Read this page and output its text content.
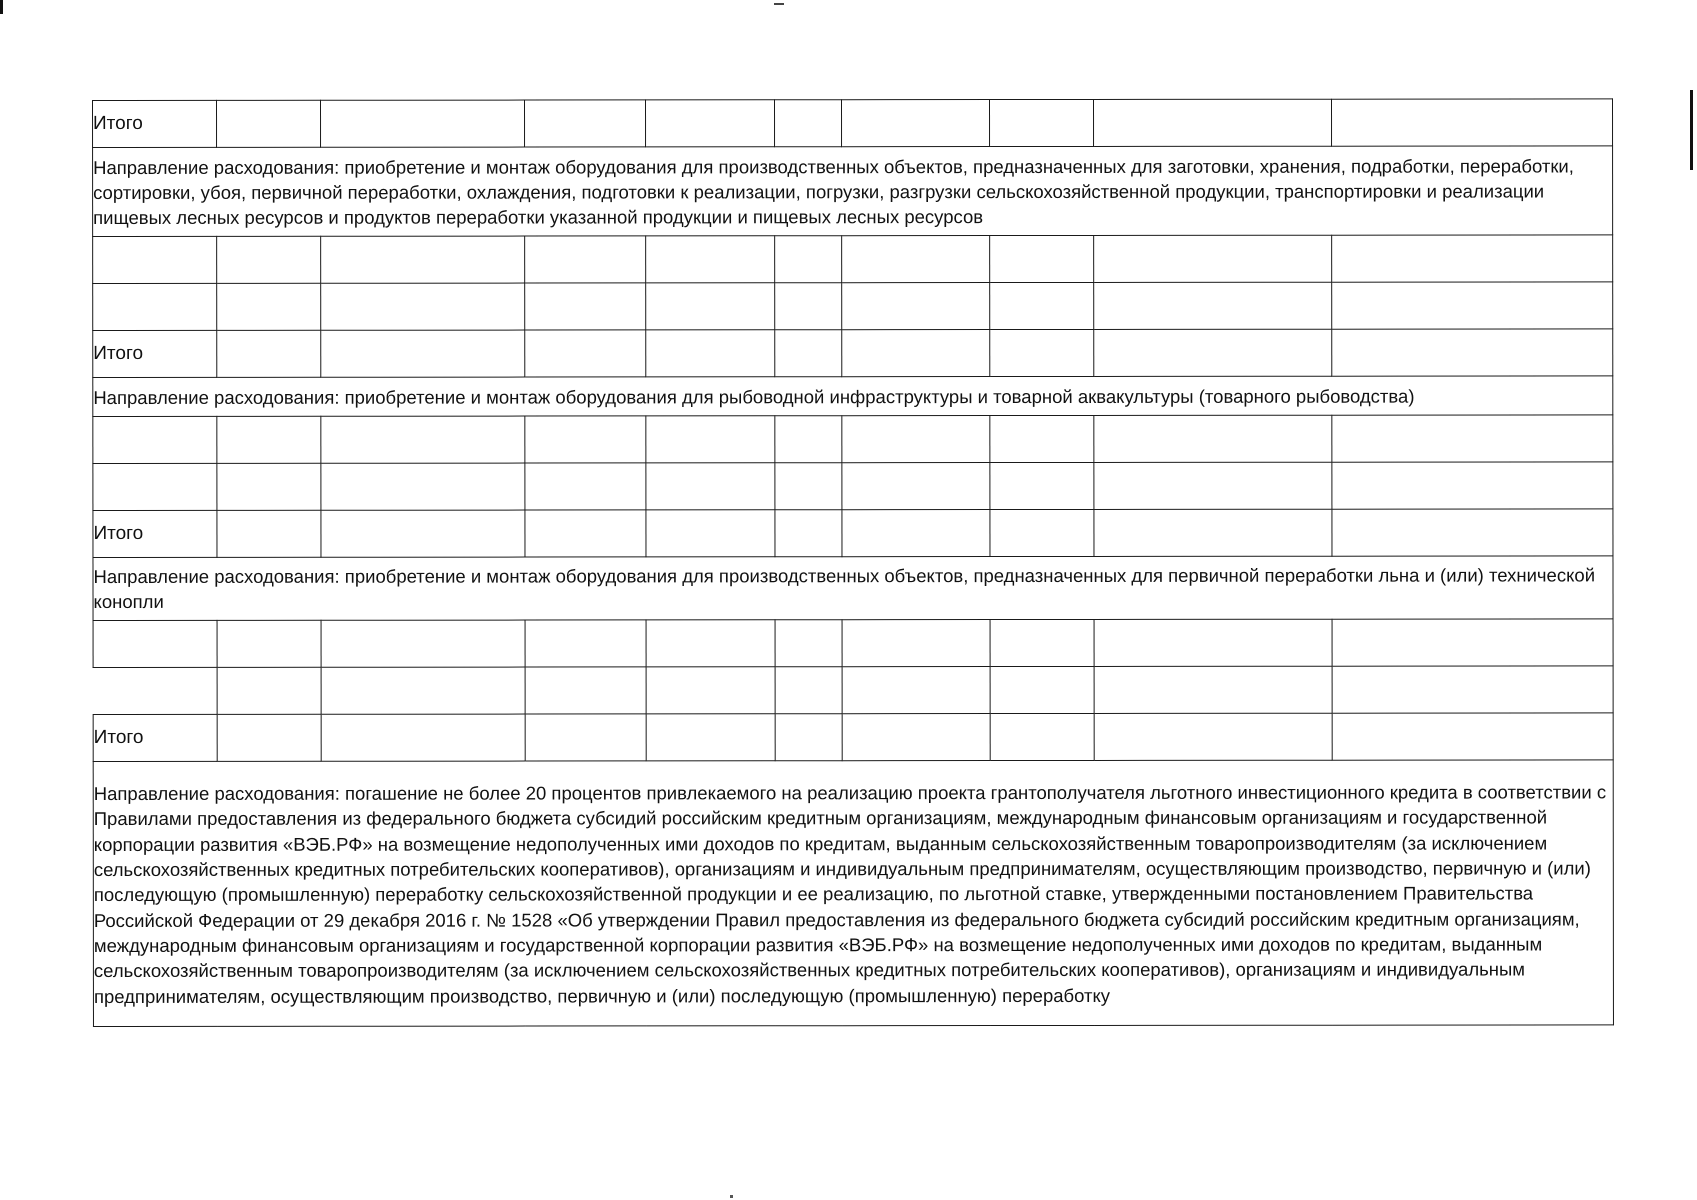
Итого									
Направление расходования: приобретение и монтаж оборудования для производственных объектов, предназначенных для заготовки, хранения, подработки, переработки, сортировки, убоя, первичной переработки, охлаждения, подготовки к реализации, погрузки, разгрузки сельскохозяйственной продукции, транспортировки и реализации пищевых лесных ресурсов и продуктов переработки указанной продукции и пищевых лесных ресурсов									

Итого									
Направление расходования: приобретение и монтаж оборудования для рыбоводной инфраструктуры и товарной аквакультуры (товарного рыбоводства)									

Итого									
Направление расходования: приобретение и монтаж оборудования для производственных объектов, предназначенных для первичной переработки льна и (или) технической конопли									

Итого									
Направление расходования: погашение не более 20 процентов привлекаемого на реализацию проекта грантополучателя льготного инвестиционного кредита в соответствии с Правилами предоставления из федерального бюджета субсидий российским кредитным организациям, международным финансовым организациям и государственной корпорации развития «ВЭБ.РФ» на возмещение недополученных ими доходов по кредитам, выданным сельскохозяйственным товаропроизводителям (за исключением сельскохозяйственных кредитных потребительских кооперативов), организациям и индивидуальным предпринимателям, осуществляющим производство, первичную и (или) последующую (промышленную) переработку сельскохозяйственной продукции и ее реализацию, по льготной ставке, утвержденными постановлением Правительства Российской Федерации от 29 декабря 2016 г. № 1528 «Об утверждении Правил предоставления из федерального бюджета субсидий российским кредитным организациям, международным финансовым организациям и государственной корпорации развития «ВЭБ.РФ» на возмещение недополученных ими доходов по кредитам, выданным сельскохозяйственным товаропроизводителям (за исключением сельскохозяйственных кредитных потребительских кооперативов), организациям и индивидуальным предпринимателям, осуществляющим производство, первичную и (или) последующую (промышленную) переработку									
